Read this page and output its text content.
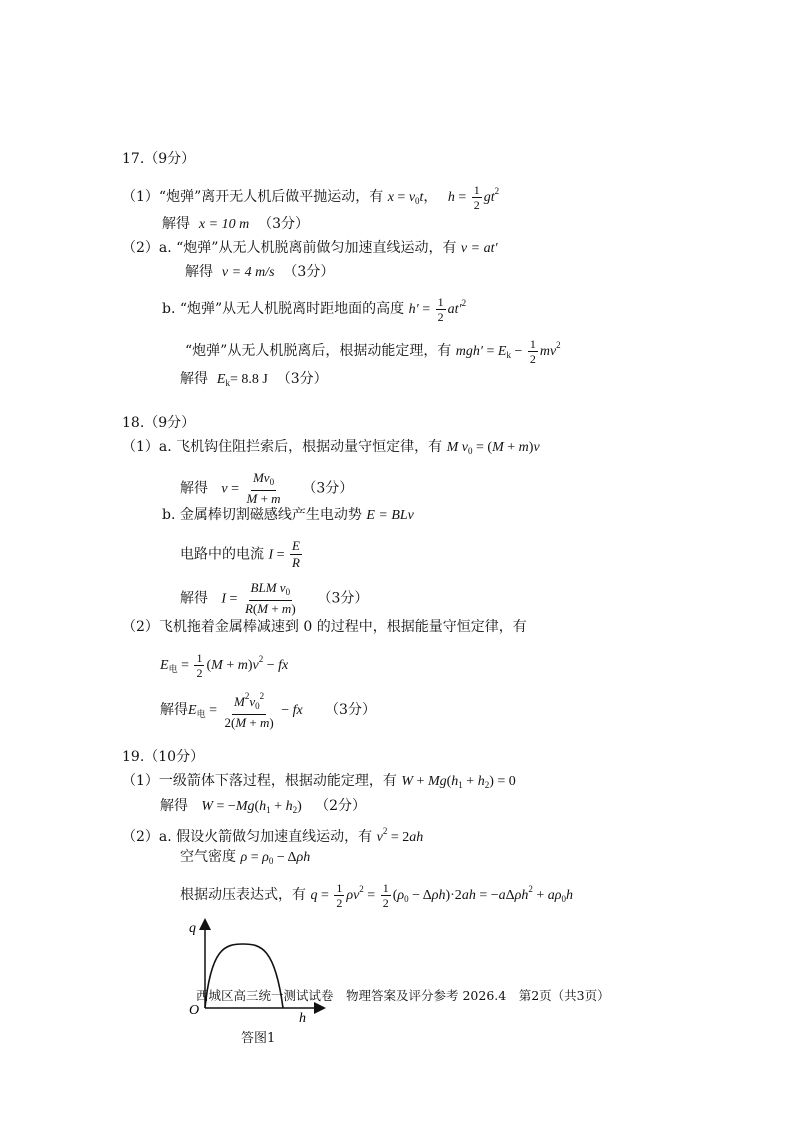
17.（9分）
（1）“炮弹”离开无人机后做平抛运动，有 $x = v_0t$， $h = \frac{1}{2} gt^2$
解得 x = 10 m （3分）
（2）a. “炮弹”从无人机脱离前做匀加速直线运动，有 v = at′
解得 v = 4 m/s （3分）
b. “炮弹”从无人机脱离时距地面的高度 $h' = \frac{1}{2} at'^2$
“炮弹”从无人机脱离后，根据动能定理，有 $mgh' = E_k - \frac{1}{2} mv^2$
解得 $E_k= 8.8$ J （3分）
18.（9分）
（1）a. 飞机钩住阻拦索后，根据动量守恒定律，有 M $v_0 = (M + m)v$
解得 $v = \frac{Mv_0}{M + m} (3$分）
b. 金属棒切割磁感线产生电动势 E = BLv
电路中的电流 $I = \frac{E}{R}$
解得 $I = \frac{BLM v_0}{R(M + m)} (3$分）
（2）飞机拖着金属棒减速到 0 的过程中，根据能量守恒定律，有
$E_电 = \frac{1}{2} (M + m)v^2$ − fx
解得$E_电 = \frac{M^2v_0^2}{2(M + m)}$ − fx （3分）
19.（10分）
（1）一级箭体下落过程，根据动能定理，有 $W + Mg(h_1 + h_2) = 0$
解得 $W = -Mg(h_1 + h_2)$ （2分）
（2）a. 假设火箭做匀加速直线运动，有 $v^2 = 2ah$
空气密度 $\rho = \rho_0 - \Delta\rho h$
根据动压表达式，有 $q = \frac{1}{2} \rho v^2 = \frac{1}{2} (\rho_0 - \Delta\rho h)\cdot 2ah = -a\Delta\rho h^2 + a\rho_0h$
q
O
h
答图1
西城区高三统一测试试卷　物理答案及评分参考 2026.4　第2页（共3页）
